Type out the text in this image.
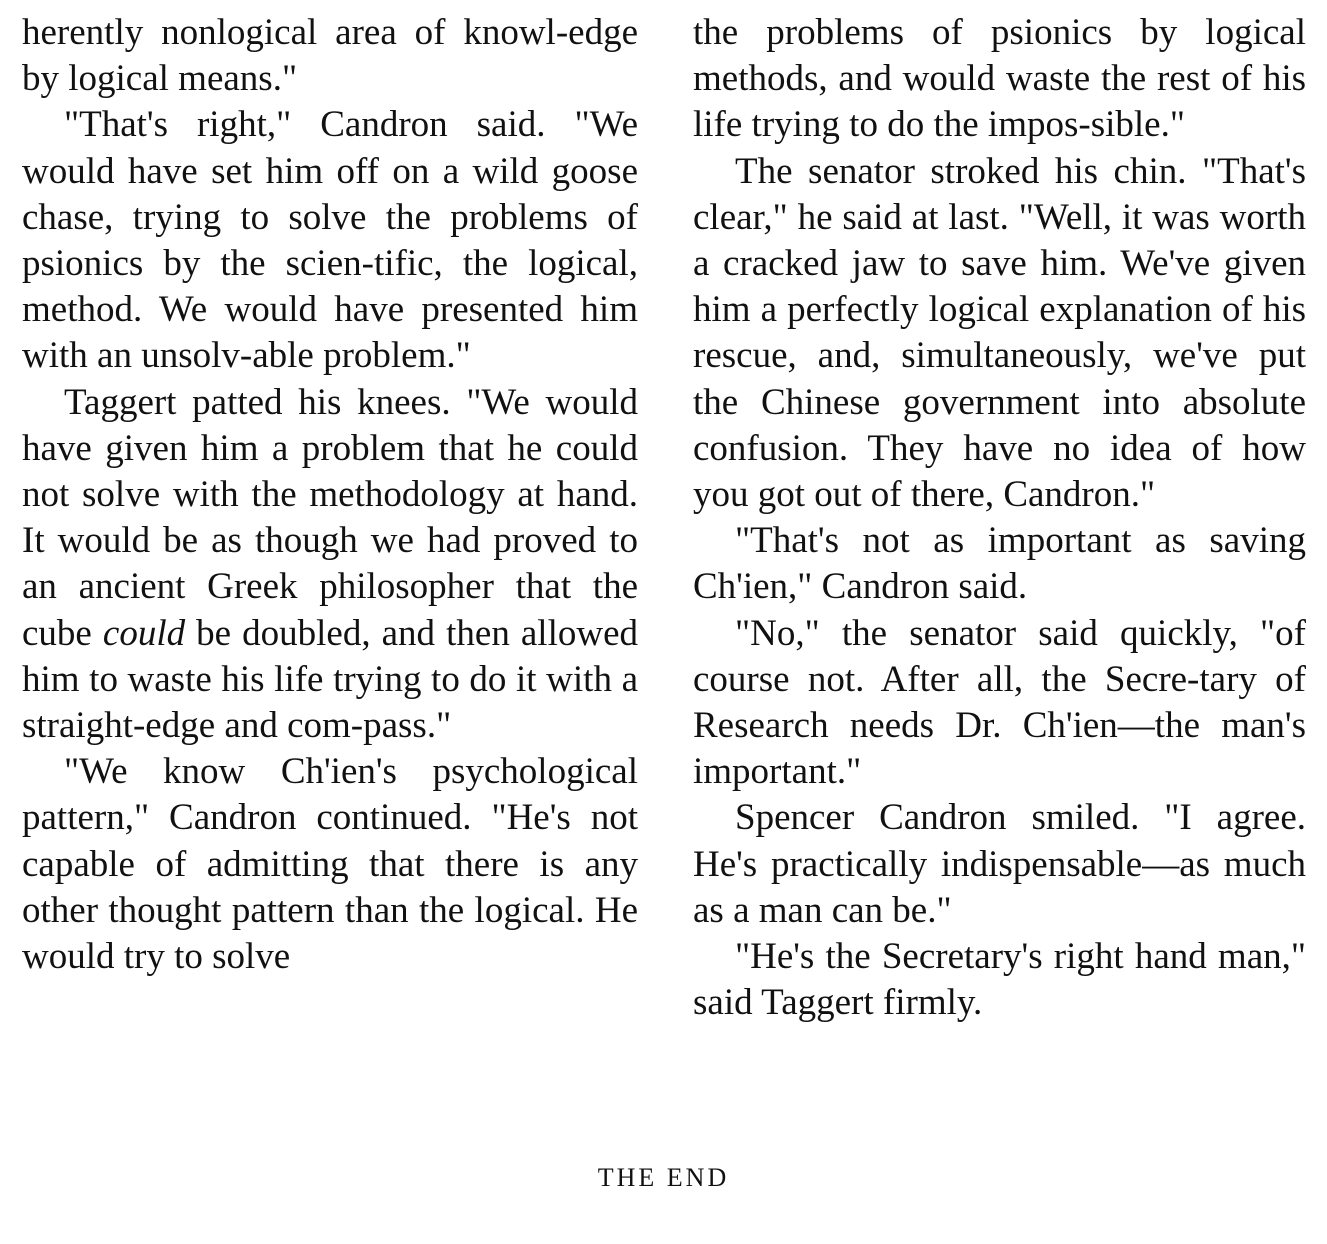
herently nonlogical area of knowl-edge by logical means."

"That's right," Candron said. "We would have set him off on a wild goose chase, trying to solve the problems of psionics by the scien-tific, the logical, method. We would have presented him with an unsolv-able problem."

Taggert patted his knees. "We would have given him a problem that he could not solve with the methodology at hand. It would be as though we had proved to an ancient Greek philosopher that the cube could be doubled, and then allowed him to waste his life trying to do it with a straight-edge and com-pass."

"We know Ch'ien's psychological pattern," Candron continued. "He's not capable of admitting that there is any other thought pattern than the logical. He would try to solve

the problems of psionics by logical methods, and would waste the rest of his life trying to do the impos-sible."

The senator stroked his chin. "That's clear," he said at last. "Well, it was worth a cracked jaw to save him. We've given him a perfectly logical explanation of his rescue, and, simultaneously, we've put the Chinese government into absolute confusion. They have no idea of how you got out of there, Candron."

"That's not as important as saving Ch'ien," Candron said.

"No," the senator said quickly, "of course not. After all, the Secre-tary of Research needs Dr. Ch'ien—the man's important."

Spencer Candron smiled. "I agree. He's practically indispensable—as much as a man can be."

"He's the Secretary's right hand man," said Taggert firmly.

THE END
